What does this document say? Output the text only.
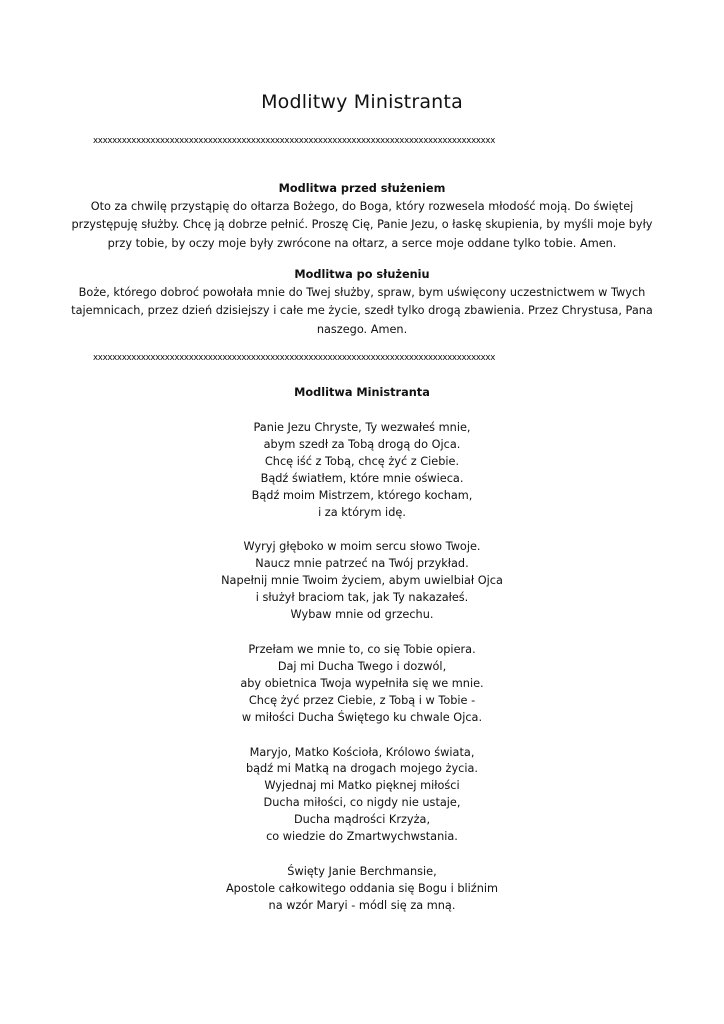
Modlitwy Ministranta
xxxxxxxxxxxxxxxxxxxxxxxxxxxxxxxxxxxxxxxxxxxxxxxxxxxxxxxxxxxxxxxxxxxxxxxxxxxxxxxxxxxx
Modlitwa przed służeniem
Oto za chwilę przystąpię do ołtarza Bożego, do Boga, który rozwesela młodość moją. Do świętej przystępuję służby. Chcę ją dobrze pełnić. Proszę Cię, Panie Jezu, o łaskę skupienia, by myśli moje były przy tobie, by oczy moje były zwrócone na ołtarz, a serce moje oddane tylko tobie. Amen.
Modlitwa po służeniu
Boże, którego dobroć powołała mnie do Twej służby, spraw, bym uświęcony uczestnictwem w Twych tajemnicach, przez dzień dzisiejszy i całe me życie, szedł tylko drogą zbawienia. Przez Chrystusa, Pana naszego. Amen.
xxxxxxxxxxxxxxxxxxxxxxxxxxxxxxxxxxxxxxxxxxxxxxxxxxxxxxxxxxxxxxxxxxxxxxxxxxxxxxxxxxxx
Modlitwa Ministranta
Panie Jezu Chryste, Ty wezwałeś mnie,
abym szedł za Tobą drogą do Ojca.
Chcę iść z Tobą, chcę żyć z Ciebie.
Bądź światłem, które mnie oświeca.
Bądź moim Mistrzem, którego kocham,
i za którym idę.
Wyryj głęboko w moim sercu słowo Twoje.
Naucz mnie patrzeć na Twój przykład.
Napełnij mnie Twoim życiem, abym uwielbiał Ojca
i służył braciom tak, jak Ty nakazałeś.
Wybaw mnie od grzechu.
Przełam we mnie to, co się Tobie opiera.
Daj mi Ducha Twego i dozwól,
aby obietnica Twoja wypełniła się we mnie.
Chcę żyć przez Ciebie, z Tobą i w Tobie -
w miłości Ducha Świętego ku chwale Ojca.
Maryjo, Matko Kościoła, Królowo świata,
bądź mi Matką na drogach mojego życia.
Wyjednaj mi Matko pięknej miłości
Ducha miłości, co nigdy nie ustaje,
Ducha mądrości Krzyża,
co wiedzie do Zmartwychwstania.
Święty Janie Berchmansie,
Apostole całkowitego oddania się Bogu i bliźnim
na wzór Maryi - módl się za mną.
